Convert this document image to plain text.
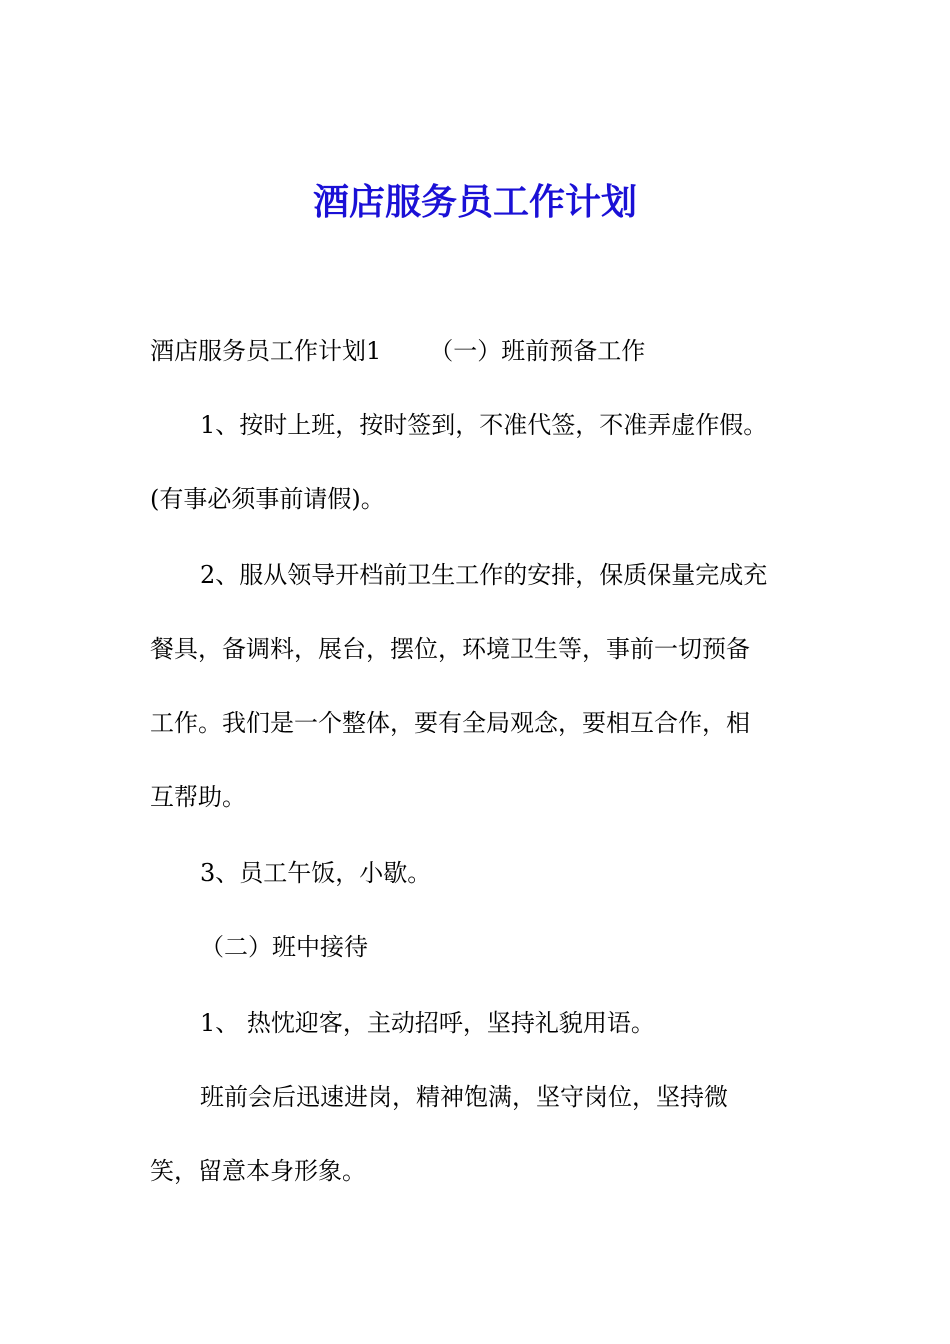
酒店服务员工作计划
酒店服务员工作计划1 （一）班前预备工作
1、按时上班，按时签到，不准代签，不准弄虚作假。
(有事必须事前请假)。
2、服从领导开档前卫生工作的安排，保质保量完成充
餐具，备调料，展台，摆位，环境卫生等，事前一切预备
工作。我们是一个整体，要有全局观念，要相互合作，相
互帮助。
3、员工午饭，小歇。
（二）班中接待
1、 热忱迎客，主动招呼，坚持礼貌用语。
班前会后迅速进岗，精神饱满，坚守岗位，坚持微
笑，留意本身形象。
